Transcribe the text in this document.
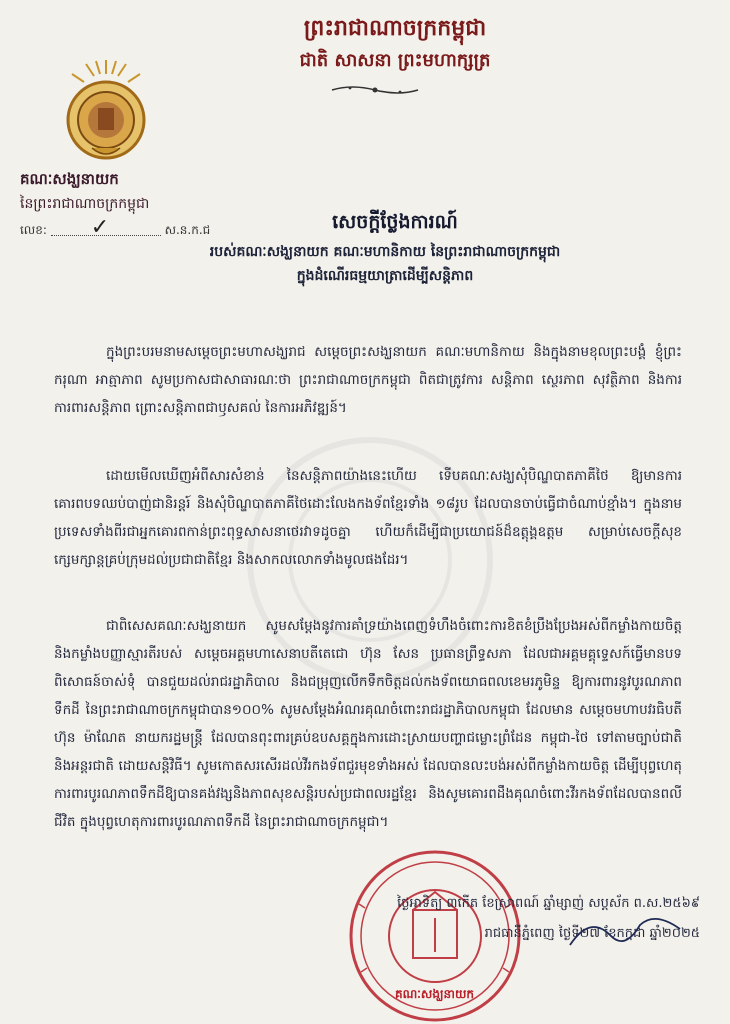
ព្រះរាជាណាចក្រកម្ពុជា
ជាតិ សាសនា ព្រះមហាក្សត្រ
គណៈសង្ឃនាយក
នៃព្រះរាជាណាចក្រកម្ពុជា
លេខ: ✓	ស.ន.ក.ជ	សេចក្តីថ្លែងការណ៍
របស់គណៈសង្ឃនាយក គណៈមហានិកាយ នៃព្រះរាជាណាចក្រកម្ពុជា
ក្នុងដំណើរធម្មយាត្រាដើម្បីសន្តិភាព
ក្នុងព្រះបរមនាមសម្តេចព្រះមហាសង្ឃរាជ សម្តេចព្រះសង្ឃនាយក គណៈមហានិកាយ និងក្នុងនាមខុលព្រះបង្គំ ខ្ញុំព្រះករុណា អាត្មាភាព សូមប្រកាសជាសាធារណៈថា ព្រះរាជាណាចក្រកម្ពុជា ពិតជាត្រូវការ សន្តិភាព ស្ថេរភាព សុវត្ថិភាព និងការការពារសន្តិភាព ព្រោះសន្តិភាពជាឫសគល់ នៃការអភិវឌ្ឍន៍។
ដោយមើលឃើញអំពីសារសំខាន់ នៃសន្តិភាពយ៉ាងនេះហើយ ទើបគណៈសង្ឃសុំបិណ្ឌបាតភាគីថៃ ឱ្យមានការគោរពបទឈប់បាញ់ជានិរន្តរ៍ និងសុំបិណ្ឌបាតភាគីថៃដោះលែងកងទ័ពខ្មែរទាំង ១៨រូប ដែលបានចាប់ធ្វើជាចំណាប់ខ្មាំង។ ក្នុងនាមប្រទេសទាំងពីរជាអ្នកគោរពកាន់ព្រះពុទ្ធសាសនាថេរវាទដូចគ្នា ហើយក៏ដើម្បីជាប្រយោជន៍ដ៏ឧត្តុង្គឧត្តម សម្រាប់សេចក្តីសុខក្សេមក្សាន្តគ្រប់ក្រុមដល់ប្រជាជាតិខ្មែរ និងសាកលលោកទាំងមូលផងដែរ។
ជាពិសេសគណៈសង្ឃនាយក សូមសម្តែងនូវការគាំទ្រយ៉ាងពេញទំហឹងចំពោះការខិតខំប្រឹងប្រែងអស់ពីកម្លាំងកាយចិត្ត និងកម្លាំងបញ្ញាស្មារតីរបស់ សម្តេចអគ្គមហាសេនាបតីតេជោ ហ៊ុន សែន ប្រធានព្រឹទ្ធសភា ដែលជាអគ្គមគ្គុទ្ទេសក៍ធ្វើមានបទពិសោធន៍ចាស់ទុំ បានជួយដល់រាជរដ្ឋាភិបាល និងជម្រុញលើកទឹកចិត្តដល់កងទ័ពយោធពលខេមរភូមិន្ទ ឱ្យការពារនូវបូរណភាពទឹកដី នៃព្រះរាជាណាចក្រកម្ពុជាបាន១០០% សូមសម្តែងអំណរគុណចំពោះរាជរដ្ឋាភិបាលកម្ពុជា ដែលមាន សម្តេចមហាបវរធិបតី ហ៊ុន ម៉ាណែត នាយករដ្ឋមន្ត្រី ដែលបានពុះពារគ្រប់ឧបសគ្គក្នុងការដោះស្រាយបញ្ហាជម្លោះព្រំដែន កម្ពុជា-ថៃ ទៅតាមច្បាប់ជាតិ និងអន្តរជាតិ ដោយសន្តិវិធី។ សូមកោតសរសើរដល់វីរកងទ័ពជួរមុខទាំងអស់ ដែលបានលះបង់អស់ពីកម្លាំងកាយចិត្ត ដើម្បីបុព្វហេតុការពារបូរណភាពទឹកដីឱ្យបានគង់វង្សនិងភាពសុខសន្តិរបស់ប្រជាពលរដ្ឋខ្មែរ និងសូមគោរពដឹងគុណចំពោះវីរកងទ័ពដែលបានពលីជីវិត ក្នុងបុព្វហេតុការពារបូរណភាពទឹកដី នៃព្រះរាជាណាចក្រកម្ពុជា។
គណៈសង្ឃនាយក
ថ្ងៃអាទិត្យ ៣កើត ខែស្រាពណ៍ ឆ្នាំម្សាញ់ សប្តស័ក ព.ស.២៥៦៩
រាជធានីភ្នំពេញ ថ្ងៃទី២៧ ខែកក្កដា ឆ្នាំ២០២៥
